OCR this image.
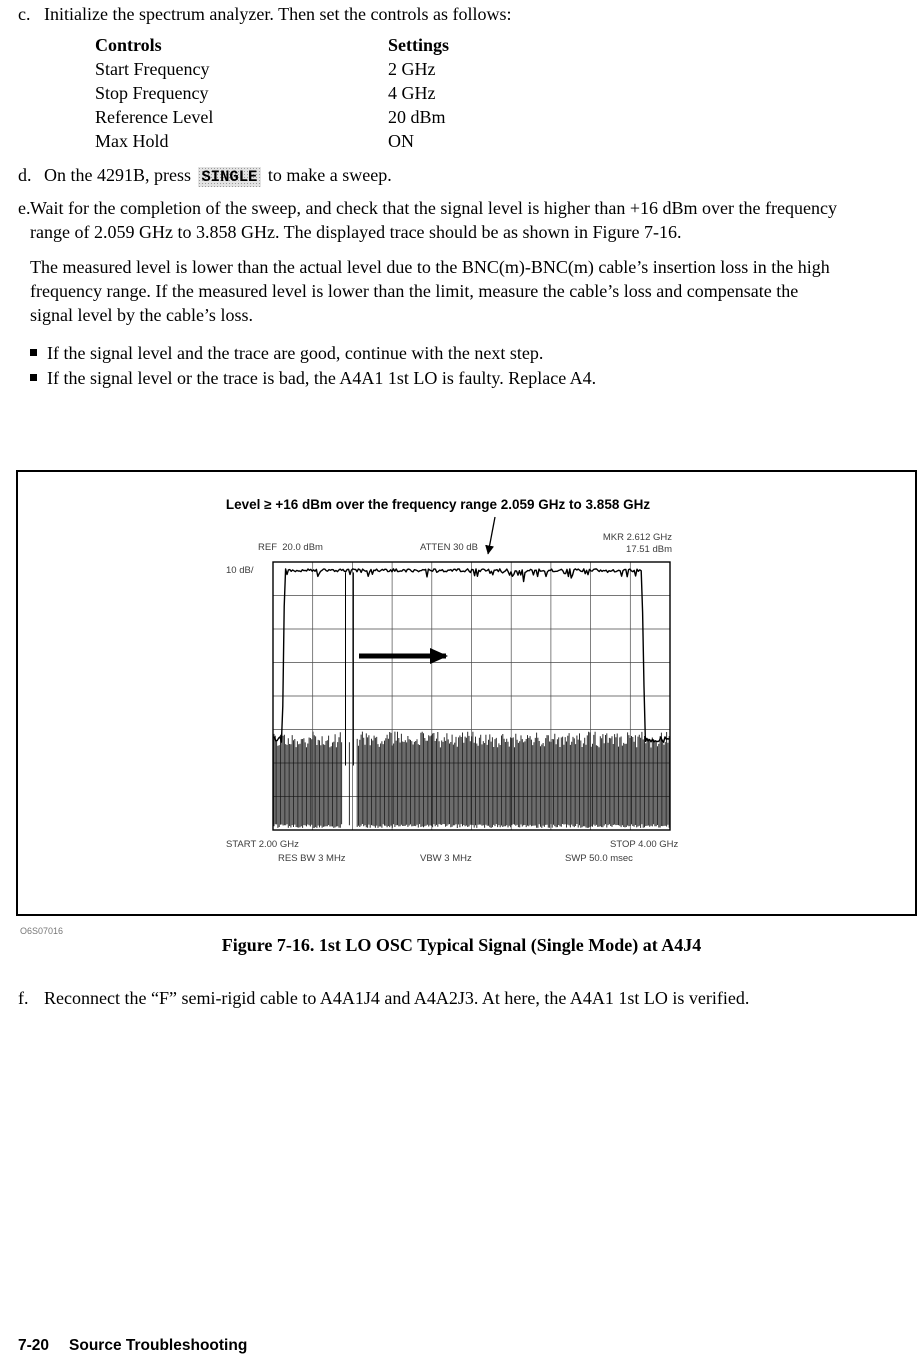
c. Initialize the spectrum analyzer. Then set the controls as follows:

Controls	Settings
Start Frequency	2 GHz
Stop Frequency	4 GHz
Reference Level	20 dBm
Max Hold	ON
d. On the 4291B, press SINGLE to make a sweep.

e. Wait for the completion of the sweep, and check that the signal level is higher than +16 dBm over the frequency range of 2.059 GHz to 3.858 GHz. The displayed trace should be as shown in Figure 7-16.

The measured level is lower than the actual level due to the BNC(m)-BNC(m) cable’s insertion loss in the high frequency range. If the measured level is lower than the limit, measure the cable’s loss and compensate the signal level by the cable’s loss.

If the signal level and the trace are good, continue with the next step.
If the signal level or the trace is bad, the A4A1 1st LO is faulty. Replace A4.
Level ≥ +16 dBm over the frequency range 2.059 GHz to 3.858 GHz
REF  20.0 dBm	ATTEN 30 dB
MKR 2.612 GHz
17.51 dBm
10 dB/
START 2.00 GHz	STOP 4.00 GHz
RES BW 3 MHz	VBW 3 MHz	SWP 50.0 msec
O6S07016
Figure 7-16. 1st LO OSC Typical Signal (Single Mode) at A4J4
f. Reconnect the “F” semi-rigid cable to A4A1J4 and A4A2J3. At here, the A4A1 1st LO is verified.

7-20 Source Troubleshooting
